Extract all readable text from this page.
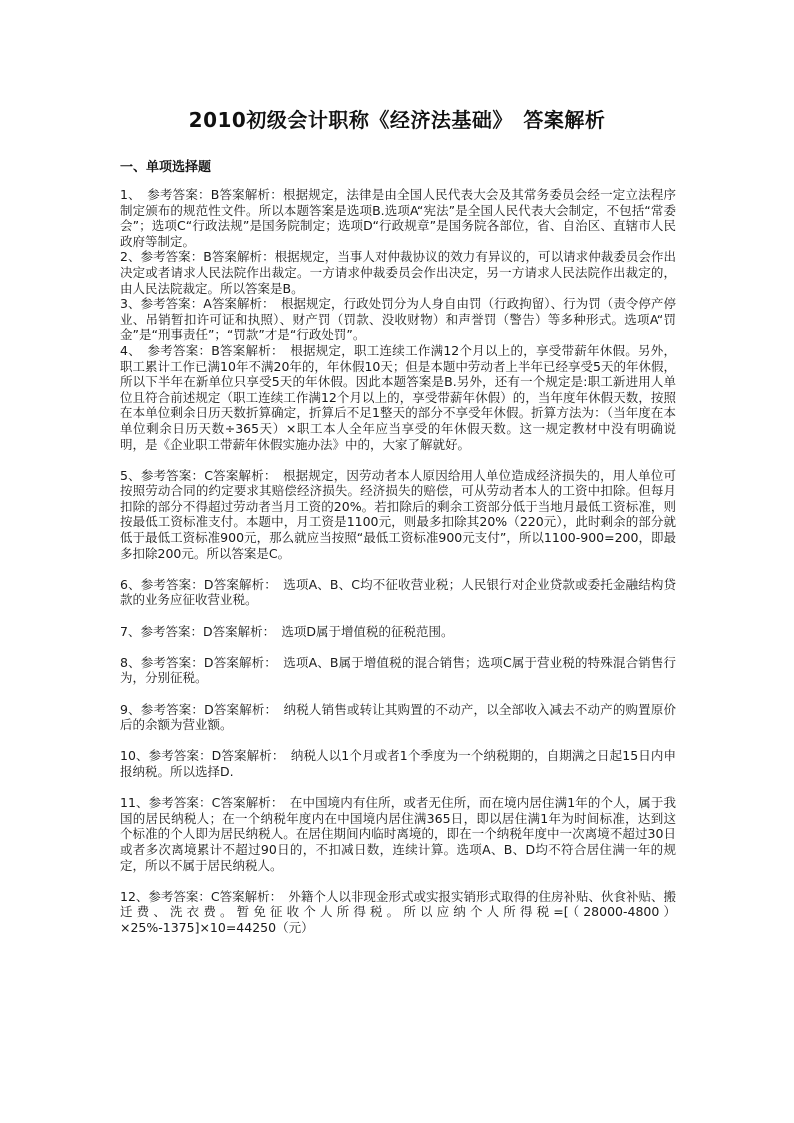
2010初级会计职称《经济法基础》　答案解析
一、单项选择题

1、　参考答案：B答案解析：根据规定，法律是由全国人民代表大会及其常务委员会经一定立法程序制定颁布的规范性文件。所以本题答案是选项B.选项A“宪法”是全国人民代表大会制定，不包括“常委会”；选项C“行政法规”是国务院制定；选项D“行政规章”是国务院各部位，省、自治区、直辖市人民政府等制定。

2、参考答案：B答案解析：根据规定，当事人对仲裁协议的效力有异议的，可以请求仲裁委员会作出决定或者请求人民法院作出裁定。一方请求仲裁委员会作出决定，另一方请求人民法院作出裁定的，由人民法院裁定。所以答案是B。

3、参考答案：A答案解析：　根据规定，行政处罚分为人身自由罚（行政拘留）、行为罚（责令停产停业、吊销暂扣许可证和执照）、财产罚（罚款、没收财物）和声誉罚（警告）等多种形式。选项A“罚金”是“刑事责任”；“罚款”才是“行政处罚”。

4、　参考答案：B答案解析：　根据规定，职工连续工作满12个月以上的，享受带薪年休假。另外，职工累计工作已满10年不满20年的，年休假10天；但是本题中劳动者上半年已经享受5天的年休假，所以下半年在新单位只享受5天的年休假。因此本题答案是B.另外，还有一个规定是:职工新进用人单位且符合前述规定（职工连续工作满12个月以上的，享受带薪年休假）的，当年度年休假天数，按照在本单位剩余日历天数折算确定，折算后不足1整天的部分不享受年休假。折算方法为：（当年度在本单位剩余日历天数÷365天）×职工本人全年应当享受的年休假天数。这一规定教材中没有明确说明，是《企业职工带薪年休假实施办法》中的，大家了解就好。

5、参考答案：C答案解析：　根据规定，因劳动者本人原因给用人单位造成经济损失的，用人单位可按照劳动合同的约定要求其赔偿经济损失。经济损失的赔偿，可从劳动者本人的工资中扣除。但每月扣除的部分不得超过劳动者当月工资的20%。若扣除后的剩余工资部分低于当地月最低工资标准，则按最低工资标准支付。本题中，月工资是1100元，则最多扣除其20%（220元），此时剩余的部分就低于最低工资标准900元，那么就应当按照“最低工资标准900元支付”，所以1100-900=200，即最多扣除200元。所以答案是C。

6、参考答案：D答案解析：　选项A、B、C均不征收营业税；人民银行对企业贷款或委托金融结构贷款的业务应征收营业税。

7、参考答案：D答案解析：　选项D属于增值税的征税范围。

8、参考答案：D答案解析：　选项A、B属于增值税的混合销售；选项C属于营业税的特殊混合销售行为，分别征税。

9、参考答案：D答案解析：　纳税人销售或转让其购置的不动产，以全部收入减去不动产的购置原价后的余额为营业额。

10、参考答案：D答案解析：　纳税人以1个月或者1个季度为一个纳税期的，自期满之日起15日内申报纳税。所以选择D.

11、参考答案：C答案解析：　在中国境内有住所，或者无住所，而在境内居住满1年的个人，属于我国的居民纳税人；在一个纳税年度内在中国境内居住满365日，即以居住满1年为时间标准，达到这个标准的个人即为居民纳税人。在居住期间内临时离境的，即在一个纳税年度中一次离境不超过30日或者多次离境累计不超过90日的，不扣减日数，连续计算。选项A、B、D均不符合居住满一年的规定，所以不属于居民纳税人。

12、参考答案：C答案解析：　外籍个人以非现金形式或实报实销形式取得的住房补贴、伙食补贴、搬迁费、洗衣费。暂免征收个人所得税。所以应纳个人所得税=[（28000-4800）×25%-1375]×10=44250（元）
